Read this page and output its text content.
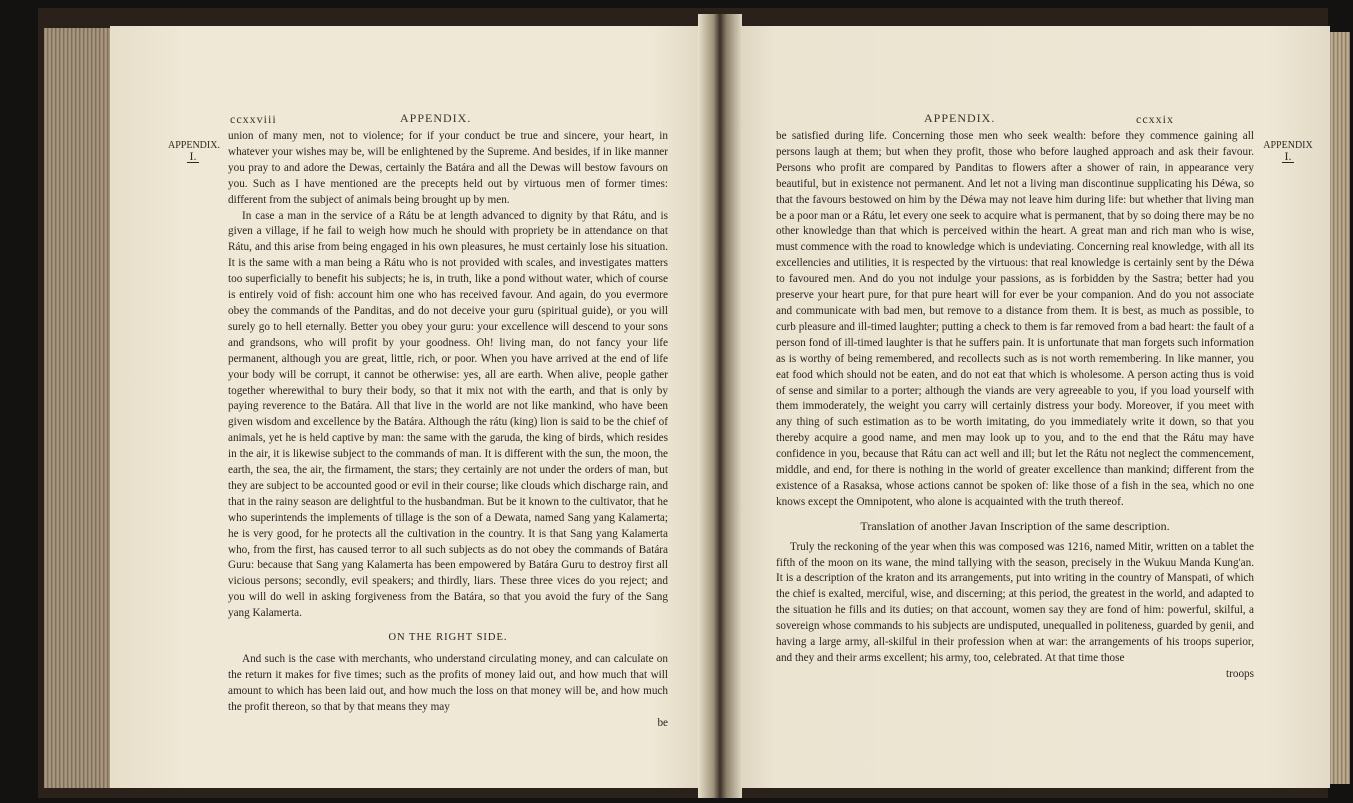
ccxxviii	APPENDIX.
APPENDIX.
I.

union of many men, not to violence; for if your conduct be true and sincere, your heart, in whatever your wishes may be, will be enlightened by the Supreme. And besides, if in like manner you pray to and adore the Dewas, certainly the Batára and all the Dewas will bestow favours on you. Such as I have mentioned are the precepts held out by virtuous men of former times: different from the subject of animals being brought up by men.

In case a man in the service of a Rátu be at length advanced to dignity by that Rátu, and is given a village, if he fail to weigh how much he should with propriety be in attendance on that Rátu, and this arise from being engaged in his own pleasures, he must certainly lose his situation. It is the same with a man being a Rátu who is not provided with scales, and investigates matters too superficially to benefit his subjects; he is, in truth, like a pond without water, which of course is entirely void of fish: account him one who has received favour. And again, do you evermore obey the commands of the Panditas, and do not deceive your guru (spiritual guide), or you will surely go to hell eternally. Better you obey your guru: your excellence will descend to your sons and grandsons, who will profit by your goodness. Oh! living man, do not fancy your life permanent, although you are great, little, rich, or poor. When you have arrived at the end of life your body will be corrupt, it cannot be otherwise: yes, all are earth. When alive, people gather together wherewithal to bury their body, so that it mix not with the earth, and that is only by paying reverence to the Batára. All that live in the world are not like mankind, who have been given wisdom and excellence by the Batára. Although the rátu (king) lion is said to be the chief of animals, yet he is held captive by man: the same with the garuda, the king of birds, which resides in the air, it is likewise subject to the commands of man. It is different with the sun, the moon, the earth, the sea, the air, the firmament, the stars; they certainly are not under the orders of man, but they are subject to be accounted good or evil in their course; like clouds which discharge rain, and that in the rainy season are delightful to the husbandman. But be it known to the cultivator, that he who superintends the implements of tillage is the son of a Dewata, named Sang yang Kalamerta; he is very good, for he protects all the cultivation in the country. It is that Sang yang Kalamerta who, from the first, has caused terror to all such subjects as do not obey the commands of Batára Guru: because that Sang yang Kalamerta has been empowered by Batára Guru to destroy first all vicious persons; secondly, evil speakers; and thirdly, liars. These three vices do you reject; and you will do well in asking forgiveness from the Batára, so that you avoid the fury of the Sang yang Kalamerta.

ON THE RIGHT SIDE.

And such is the case with merchants, who understand circulating money, and can calculate on the return it makes for five times; such as the profits of money laid out, and how much that will amount to which has been laid out, and how much the loss on that money will be, and how much the profit thereon, so that by that means they may

be
APPENDIX.	ccxxix
APPENDIX
I.

be satisfied during life. Concerning those men who seek wealth: before they commence gaining all persons laugh at them; but when they profit, those who before laughed approach and ask their favour. Persons who profit are compared by Panditas to flowers after a shower of rain, in appearance very beautiful, but in existence not permanent. And let not a living man discontinue supplicating his Déwa, so that the favours bestowed on him by the Déwa may not leave him during life: but whether that living man be a poor man or a Rátu, let every one seek to acquire what is permanent, that by so doing there may be no other knowledge than that which is perceived within the heart. A great man and rich man who is wise, must commence with the road to knowledge which is undeviating. Concerning real knowledge, with all its excellencies and utilities, it is respected by the virtuous: that real knowledge is certainly sent by the Déwa to favoured men. And do you not indulge your passions, as is forbidden by the Sastra; better had you preserve your heart pure, for that pure heart will for ever be your companion. And do you not associate and communicate with bad men, but remove to a distance from them. It is best, as much as possible, to curb pleasure and ill-timed laughter; putting a check to them is far removed from a bad heart: the fault of a person fond of ill-timed laughter is that he suffers pain. It is unfortunate that man forgets such information as is worthy of being remembered, and recollects such as is not worth remembering. In like manner, you eat food which should not be eaten, and do not eat that which is wholesome. A person acting thus is void of sense and similar to a porter; although the viands are very agreeable to you, if you load yourself with them immoderately, the weight you carry will certainly distress your body. Moreover, if you meet with any thing of such estimation as to be worth imitating, do you immediately write it down, so that you thereby acquire a good name, and men may look up to you, and to the end that the Rátu may have confidence in you, because that Rátu can act well and ill; but let the Rátu not neglect the commencement, middle, and end, for there is nothing in the world of greater excellence than mankind; different from the existence of a Rasaksa, whose actions cannot be spoken of: like those of a fish in the sea, which no one knows except the Omnipotent, who alone is acquainted with the truth thereof.

Translation of another Javan Inscription of the same description.

Truly the reckoning of the year when this was composed was 1216, named Mitir, written on a tablet the fifth of the moon on its wane, the mind tallying with the season, precisely in the Wukuu Manda Kung'an. It is a description of the kraton and its arrangements, put into writing in the country of Manspati, of which the chief is exalted, merciful, wise, and discerning; at this period, the greatest in the world, and adapted to the situation he fills and its duties; on that account, women say they are fond of him: powerful, skilful, a sovereign whose commands to his subjects are undisputed, unequalled in politeness, guarded by genii, and having a large army, all-skilful in their profession when at war: the arrangements of his troops superior, and they and their arms excellent; his army, too, celebrated. At that time those

troops
